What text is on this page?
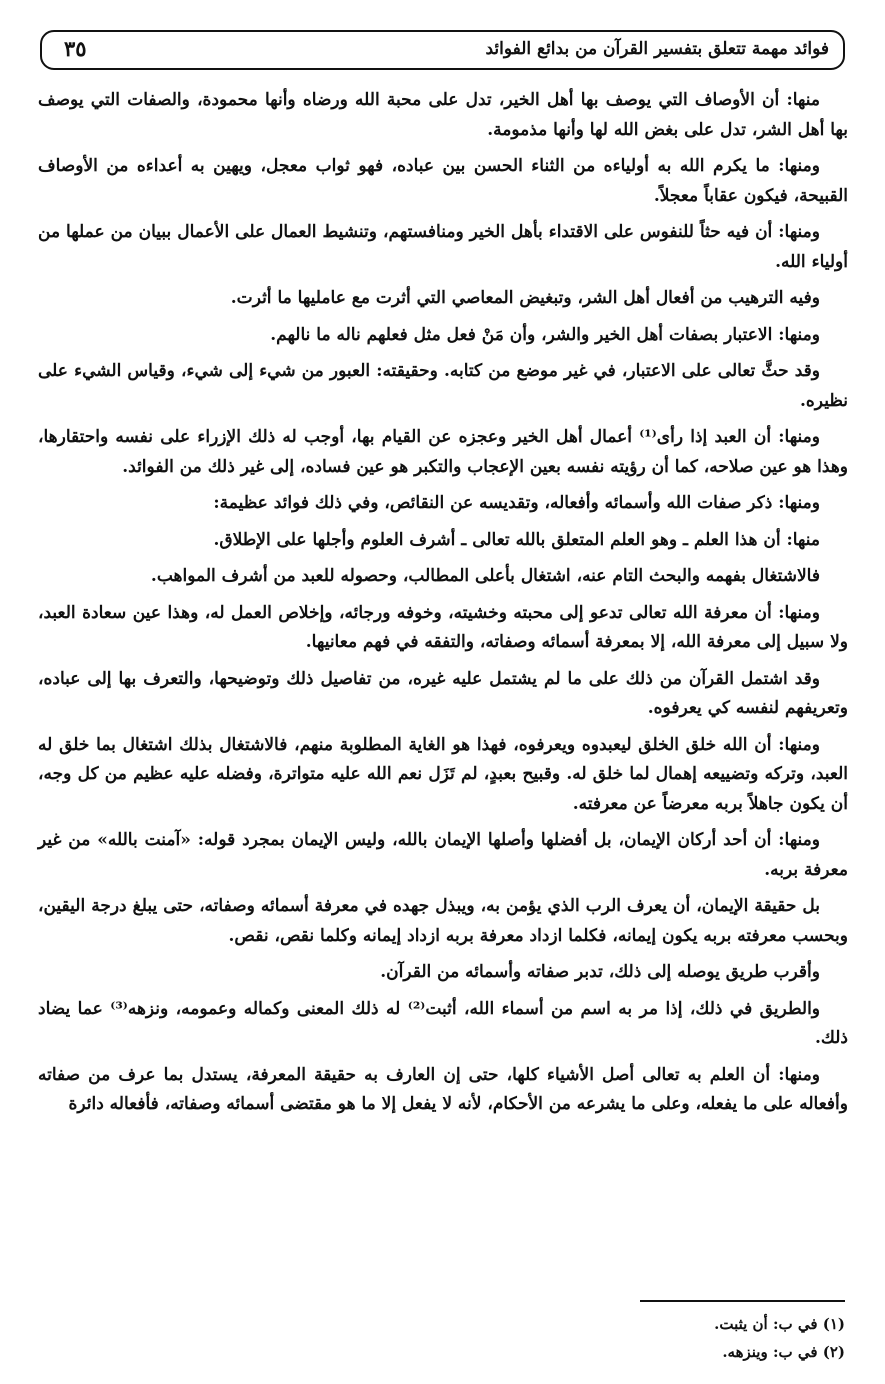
فوائد مهمة تتعلق بتفسير القرآن من بدائع الفوائد
٣٥

منها: أن الأوصاف التي يوصف بها أهل الخير، تدل على محبة الله ورضاه وأنها محمودة، والصفات التي يوصف بها أهل الشر، تدل على بغض الله لها وأنها مذمومة.

ومنها: ما يكرم الله به أولياءه من الثناء الحسن بين عباده، فهو ثواب معجل، ويهين به أعداءه من الأوصاف القبيحة، فيكون عقاباً معجلاً.

ومنها: أن فيه حثاً للنفوس على الاقتداء بأهل الخير ومنافستهم، وتنشيط العمال على الأعمال ببيان من عملها من أولياء الله.

وفيه الترهيب من أفعال أهل الشر، وتبغيض المعاصي التي أثرت مع عامليها ما أثرت.

ومنها: الاعتبار بصفات أهل الخير والشر، وأن مَنْ فعل مثل فعلهم ناله ما نالهم.

وقد حثَّ تعالى على الاعتبار، في غير موضع من كتابه. وحقيقته: العبور من شيء إلى شيء، وقياس الشيء على نظيره.

ومنها: أن العبد إذا رأى⁽¹⁾ أعمال أهل الخير وعجزه عن القيام بها، أوجب له ذلك الإزراء على نفسه واحتقارها، وهذا هو عين صلاحه، كما أن رؤيته نفسه بعين الإعجاب والتكبر هو عين فساده، إلى غير ذلك من الفوائد.

ومنها: ذكر صفات الله وأسمائه وأفعاله، وتقديسه عن النقائص، وفي ذلك فوائد عظيمة:

منها: أن هذا العلم ـ وهو العلم المتعلق بالله تعالى ـ أشرف العلوم وأجلها على الإطلاق.

فالاشتغال بفهمه والبحث التام عنه، اشتغال بأعلى المطالب، وحصوله للعبد من أشرف المواهب.

ومنها: أن معرفة الله تعالى تدعو إلى محبته وخشيته، وخوفه ورجائه، وإخلاص العمل له، وهذا عين سعادة العبد، ولا سبيل إلى معرفة الله، إلا بمعرفة أسمائه وصفاته، والتفقه في فهم معانيها.

وقد اشتمل القرآن من ذلك على ما لم يشتمل عليه غيره، من تفاصيل ذلك وتوضيحها، والتعرف بها إلى عباده، وتعريفهم لنفسه كي يعرفوه.

ومنها: أن الله خلق الخلق ليعبدوه ويعرفوه، فهذا هو الغاية المطلوبة منهم، فالاشتغال بذلك اشتغال بما خلق له العبد، وتركه وتضييعه إهمال لما خلق له. وقبيح بعبدٍ، لم تَزَل نعم الله عليه متواترة، وفضله عليه عظيم من كل وجه، أن يكون جاهلاً بربه معرضاً عن معرفته.

ومنها: أن أحد أركان الإيمان، بل أفضلها وأصلها الإيمان بالله، وليس الإيمان بمجرد قوله: «آمنت بالله» من غير معرفة بربه.

بل حقيقة الإيمان، أن يعرف الرب الذي يؤمن به، ويبذل جهده في معرفة أسمائه وصفاته، حتى يبلغ درجة اليقين، وبحسب معرفته بربه يكون إيمانه، فكلما ازداد معرفة بربه ازداد إيمانه وكلما نقص، نقص.

وأقرب طريق يوصله إلى ذلك، تدبر صفاته وأسمائه من القرآن.

والطريق في ذلك، إذا مر به اسم من أسماء الله، أثبت⁽²⁾ له ذلك المعنى وكماله وعمومه، ونزهه⁽³⁾ عما يضاد ذلك.

ومنها: أن العلم به تعالى أصل الأشياء كلها، حتى إن العارف به حقيقة المعرفة، يستدل بما عرف من صفاته وأفعاله على ما يفعله، وعلى ما يشرعه من الأحكام، لأنه لا يفعل إلا ما هو مقتضى أسمائه وصفاته، فأفعاله دائرة

(١) في ب: أن يثبت.
(٢) في ب: وينزهه.
